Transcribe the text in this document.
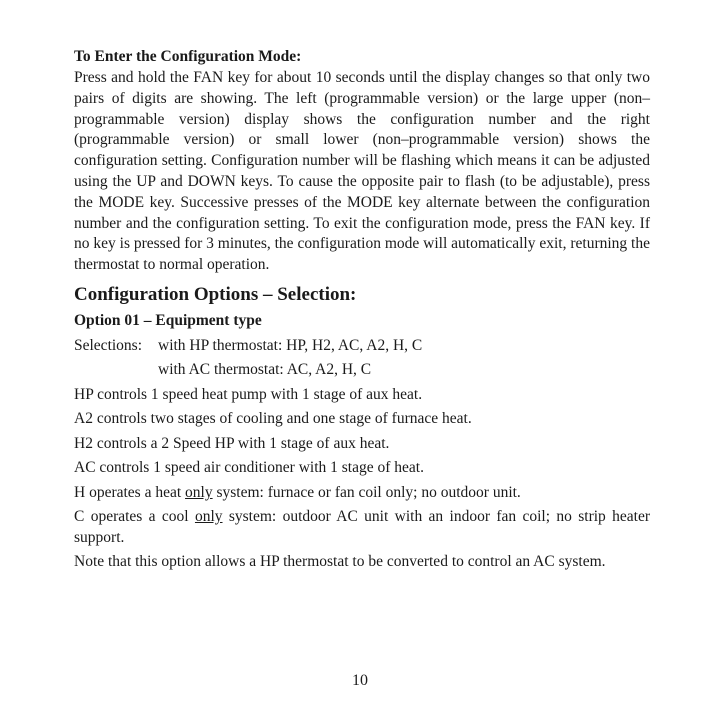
To Enter the Configuration Mode:

Press and hold the FAN key for about 10 seconds until the display changes so that only two pairs of digits are showing. The left (programmable version) or the large upper (non–programmable version) display shows the configuration number and the right (programmable version) or small lower (non–programmable version) shows the configuration setting. Configuration number will be flashing which means it can be adjusted using the UP and DOWN keys. To cause the opposite pair to flash (to be adjustable), press the MODE key. Successive presses of the MODE key alternate between the configuration number and the configuration setting. To exit the configuration mode, press the FAN key. If no key is pressed for 3 minutes, the configuration mode will automatically exit, returning the thermostat to normal operation.

Configuration Options – Selection:

Option 01 – Equipment type

Selections:	with HP thermostat: HP, H2, AC, A2, H, C
with AC thermostat: AC, A2, H, C

HP controls 1 speed heat pump with 1 stage of aux heat.

A2 controls two stages of cooling and one stage of furnace heat.

H2 controls a 2 Speed HP with 1 stage of aux heat.

AC controls 1 speed air conditioner with 1 stage of heat.

H operates a heat only system: furnace or fan coil only; no outdoor unit.

C operates a cool only system: outdoor AC unit with an indoor fan coil; no strip heater support.

Note that this option allows a HP thermostat to be converted to control an AC system.

10
